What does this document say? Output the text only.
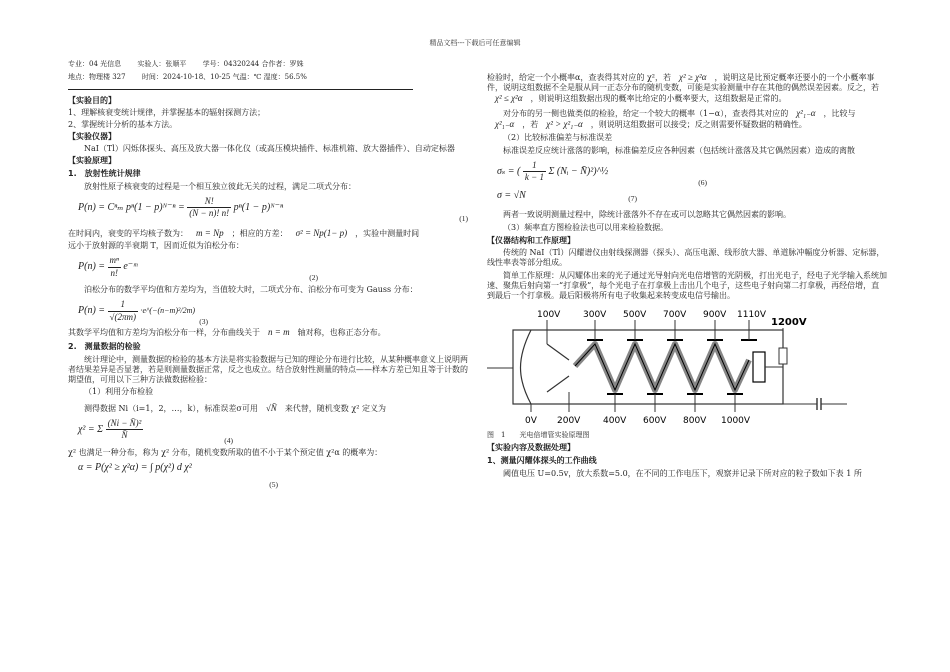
精品文档---下载后可任意编辑
专业：04 光信息 实验人：张顺平 学号：04320244 合作者：罗姝
地点：物理楼 327 时间：2024-10-18、10-25 气温：℃ 湿度：56.5%
【实验目的】

1、理解核衰变统计规律，并掌握基本的辐射探测方法；

2、掌握统计分析的基本方法。

【实验仪器】

NaI（Tl）闪烁体探头、高压及放大器一体化仪（或高压模块插件、标准机箱、放大器插件）、自动定标器

【实验原理】
1.　放射性统计规律

放射性原子核衰变的过程是一个相互独立彼此无关的过程，满足二项式分布：

P(n) = Cⁿₘ pⁿ(1 − p)ᴺ⁻ⁿ = $\frac{N!}{(N - n)! n!} p^n(1$ − p)ᴺ⁻ⁿ
(1)

在时间内，衰变的平均核子数为： m = Np ；相应的方差： σ² = Np(1− p) ，实验中测量时间

远小于放射源的半衰期 T，因而近似为泊松分布：

$P(n) = \frac{\text{mⁿ}}{n!}$ e⁻ᵐ
(2)

泊松分布的数学平均值和方差均为，当值较大时，二项式分布、泊松分布可变为 Gauss 分布：

$P(n) = \frac{1}{√(2\pi m)}$ ·e^(−(n−m)²/2m)
(3)

其数学平均值和方差均为泊松分布一样，分布曲线关于 n = m 轴对称，也称正态分布。

2.　测量数据的检验

统计理论中，测量数据的检验的基本方法是将实验数据与已知的理论分布进行比较，从某种概率意义上说明两者结果差异是否显著，若是则测量数据正常，反之也成立。结合放射性测量的特点——样本方差已知且等于计数的期望值，可用以下三种方法做数据检验：

（1）利用分布检验

测得数据 Ni（i=1，2，…，k），标准误差σ可用 √N̄ 来代替，随机变数 χ² 定义为

χ² = Σ $\frac{\text{(Ni − N̄)²}}{N̄}$	(4)

χ² 也满足一种分布，称为 χ² 分布，随机变数所取的值不小于某个预定值 χ²α 的概率为：

α = P(χ² ≥ χ²α) = ∫ p(χ²) d χ²
(5)

检验时，给定一个小概率α，查表得其对应的 χ²，若 χ² ≥ χ²α ，说明这是比预定概率还要小的一个小概率事件，说明这组数据不全是服从同一正态分布的随机变数，可能是实验测量中存在其他的偶然误差因素。反之，若χ² ≤ χ²α ，则说明这组数据出现的概率比给定的小概率要大，这组数据是正常的。

对分布的另一侧也做类似的检验，给定一个较大的概率（1−α），查表得其对应的 χ²₁₋α ，比较与χ²₁₋α ，若 χ² > χ²₁₋α ，则说明这组数据可以接受；反之则需要怀疑数据的精确性。

（2）比较标准偏差与标准误差

标准误差反应统计涨落的影响，标准偏差反应各种因素（包括统计涨落及其它偶然因素）造成的离散

σₛ = ( $\frac{1}{k - 1}$ Σ (Nᵢ − N̄)²)^½
(6)
σ = √N	(7)

两者一致说明测量过程中，除统计涨落外不存在或可以忽略其它偶然因素的影响。

（3）频率直方图检验法也可以用来检验数据。

【仪器结构和工作原理】

传统的 NaI（Tl）闪耀谱仪由射线探测器（探头）、高压电源、线形放大器、单道脉冲幅度分析器、定标器，线性率表等部分组成。

简单工作原理：从闪耀体出来的光子通过光导射向光电倍增管的光阴极，打出光电子，经电子光学输入系统加速、聚焦后射向第一“打拿极”，每个光电子在打拿极上击出几个电子，这些电子射向第二打拿极，再经倍增，直到最后一个打拿极。最后阳极将所有电子收集起来转变成电信号输出。

100V	300V 500V 700V 900V 1110V
1200V
0V 200V	400V 600V 800V 1000V
图　1　　光电倍增管实验原理图
【实验内容及数据处理】
1、测量闪耀体探头的工作曲线

阈值电压 U=0.5v，放大系数=5.0，在不同的工作电压下，观察并记录下所对应的粒子数如下表 1 所
